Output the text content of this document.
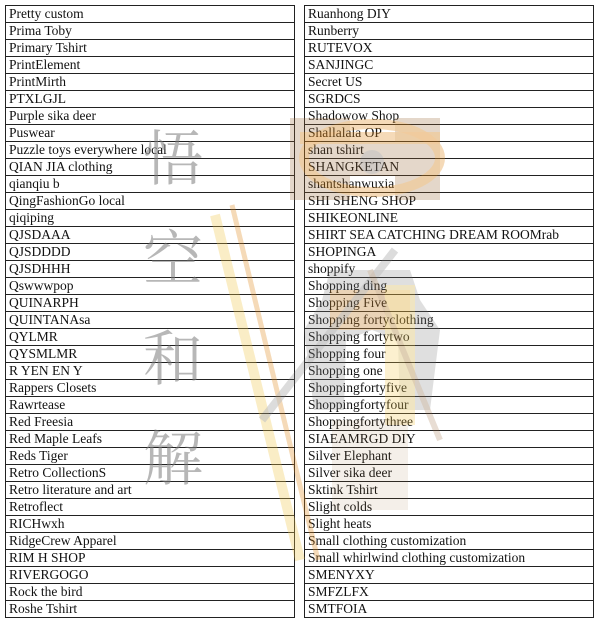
Pretty custom
Prima Toby
Primary Tshirt
PrintElement
PrintMirth
PTXLGJL
Purple sika deer
Puswear
Puzzle toys everywhere local
QIAN JIA clothing
qianqiu b
QingFashionGo local
qiqiping
QJSDAAA
QJSDDDD
QJSDHHH
Qswwwpop
QUINARPH
QUINTANAsa
QYLMR
QYSMLMR
R YEN EN Y
Rappers Closets
Rawrtease
Red Freesia
Red Maple Leafs
Reds Tiger
Retro CollectionS
Retro literature and art
Retroflect
RICHwxh
RidgeCrew Apparel
RIM H SHOP
RIVERGOGO
Rock the bird
Roshe Tshirt
Ruanhong DIY
Runberry
RUTEVOX
SANJINGC
Secret US
SGRDCS
Shadowow Shop
Shallalala OP
shan tshirt
SHANGKETAN
shantshanwuxia
SHI SHENG SHOP
SHIKEONLINE
SHIRT SEA CATCHING DREAM ROOMrab
SHOPINGA
shoppify
Shopping ding
Shopping Five
Shopping fortyclothing
Shopping fortytwo
Shopping four
Shopping one
Shoppingfortyfive
Shoppingfortyfour
Shoppingfortythree
SIAEAMRGD DIY
Silver Elephant
Silver sika deer
Sktink Tshirt
Slight colds
Slight heats
Small clothing customization
Small whirlwind clothing customization
SMENYXY
SMFZLFX
SMTFOIA
悟空和解
